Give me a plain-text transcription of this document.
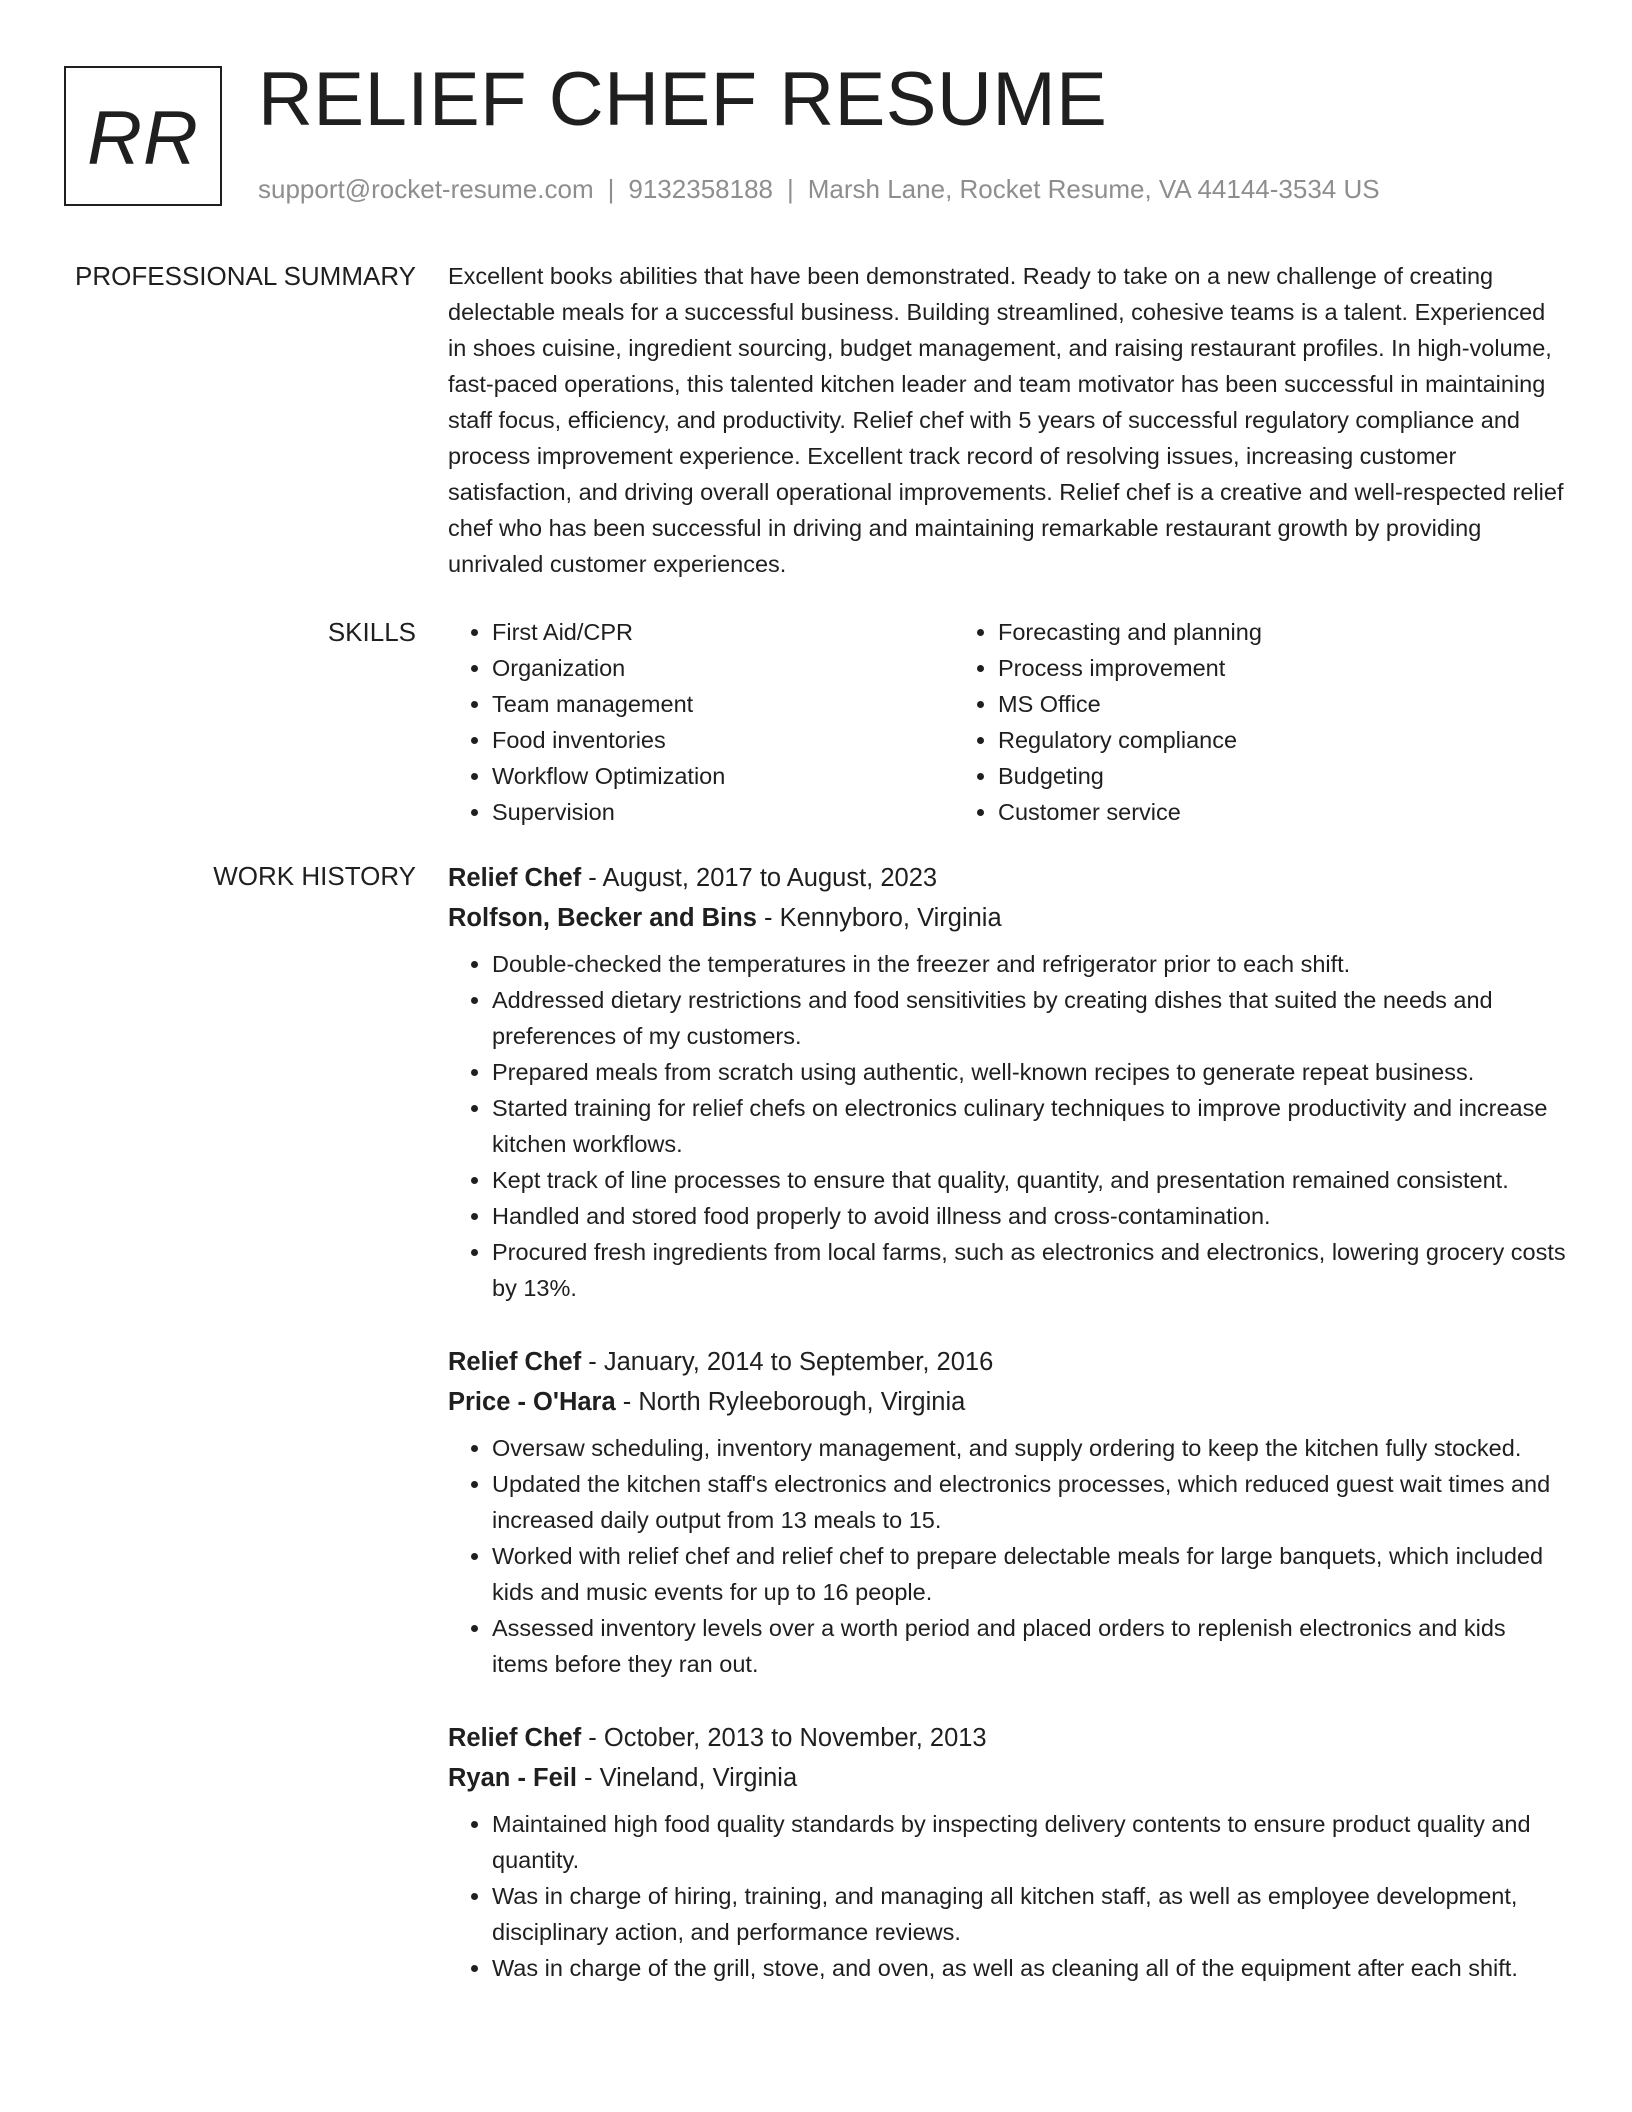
RR RELIEF CHEF RESUME
support@rocket-resume.com | 9132358188 | Marsh Lane, Rocket Resume, VA 44144-3534 US
PROFESSIONAL SUMMARY Excellent books abilities that have been demonstrated. Ready to take on a new challenge of creating delectable meals for a successful business. Building streamlined, cohesive teams is a talent. Experienced in shoes cuisine, ingredient sourcing, budget management, and raising restaurant profiles. In high-volume, fast-paced operations, this talented kitchen leader and team motivator has been successful in maintaining staff focus, efficiency, and productivity. Relief chef with 5 years of successful regulatory compliance and process improvement experience. Excellent track record of resolving issues, increasing customer satisfaction, and driving overall operational improvements. Relief chef is a creative and well-respected relief chef who has been successful in driving and maintaining remarkable restaurant growth by providing unrivaled customer experiences.

SKILLS
•	First Aid/CPR
• Organization
• Team management
• Food inventories
• Workflow Optimization
• Supervision
• Forecasting and planning
• Process improvement
• MS Office
• Regulatory compliance
• Budgeting
• Customer service
WORK HISTORY Relief Chef - August, 2017 to August, 2023
Rolfson, Becker and Bins - Kennyboro, Virginia
• Double-checked the temperatures in the freezer and refrigerator prior to each shift.
• Addressed dietary restrictions and food sensitivities by creating dishes that suited the needs and preferences of my customers.
• Prepared meals from scratch using authentic, well-known recipes to generate repeat business.
• Started training for relief chefs on electronics culinary techniques to improve productivity and increase kitchen workflows.
• Kept track of line processes to ensure that quality, quantity, and presentation remained consistent.
• Handled and stored food properly to avoid illness and cross-contamination.
• Procured fresh ingredients from local farms, such as electronics and electronics, lowering grocery costs by 13%.
Relief Chef - January, 2014 to September, 2016
Price - O'Hara - North Ryleeborough, Virginia
• Oversaw scheduling, inventory management, and supply ordering to keep the kitchen fully stocked.
• Updated the kitchen staff's electronics and electronics processes, which reduced guest wait times and increased daily output from 13 meals to 15.
• Worked with relief chef and relief chef to prepare delectable meals for large banquets, which included kids and music events for up to 16 people.
• Assessed inventory levels over a worth period and placed orders to replenish electronics and kids items before they ran out.
Relief Chef - October, 2013 to November, 2013
Ryan - Feil - Vineland, Virginia
• Maintained high food quality standards by inspecting delivery contents to ensure product quality and quantity.
• Was in charge of hiring, training, and managing all kitchen staff, as well as employee development, disciplinary action, and performance reviews.
• Was in charge of the grill, stove, and oven, as well as cleaning all of the equipment after each shift.
